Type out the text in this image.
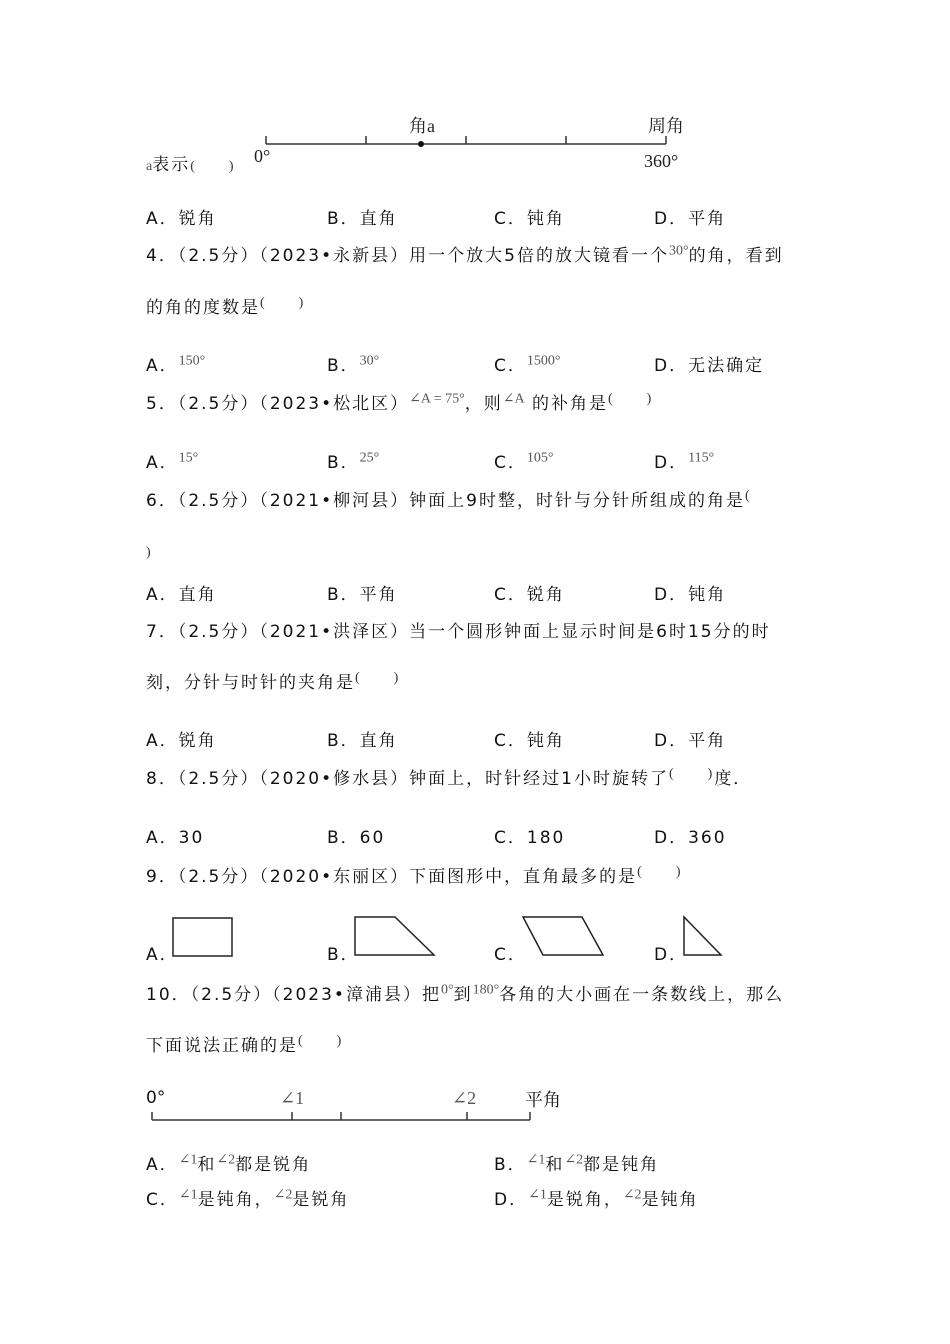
角a	周角
0°	360°
a表示( )
A．锐角	B．直角	C．钝角	D．平角
4．（2.5分）（2023•永新县）用一个放大5倍的放大镜看一个$^{30^\circ}$的角，看到
的角的度数是( )
A．$^{150^\circ}$	B．$^{30^\circ}$	C．$^{1500^\circ}$	D．无法确定
5．（2.5分）（2023•松北区）$^{\angle A = 75^\circ}$，则$^{\angle A}$ 的补角是( )
A．$^{15^\circ}$	B．$^{25^\circ}$	C．$^{105^\circ}$	D．$^{115^\circ}$
6．（2.5分）（2021•柳河县）钟面上9时整，时针与分针所组成的角是(
)
A．直角	B．平角	C．锐角	D．钝角
7．（2.5分）（2021•洪泽区）当一个圆形钟面上显示时间是6时15分的时
刻，分针与时针的夹角是( )
A．锐角	B．直角	C．钝角	D．平角
8．（2.5分）（2020•修水县）钟面上，时针经过1小时旋转了( )度．
A．30	B．60	C．180	D．360
9．（2.5分）（2020•东丽区）下面图形中，直角最多的是( )
A．	B．	C．	D．
10．（2.5分）（2023•漳浦县）把$^{0^\circ}$到$^{180^\circ}$各角的大小画在一条数线上，那么
下面说法正确的是( )
0°	∠1	∠2	平角
A．$^{\angle 1}$和$^{\angle 2}$都是锐角	B．$^{\angle 1}$和$^{\angle 2}$都是钝角
C．$^{\angle 1}$是钝角，$^{\angle 2}$是锐角	D．$^{\angle 1}$是锐角，$^{\angle 2}$是钝角
